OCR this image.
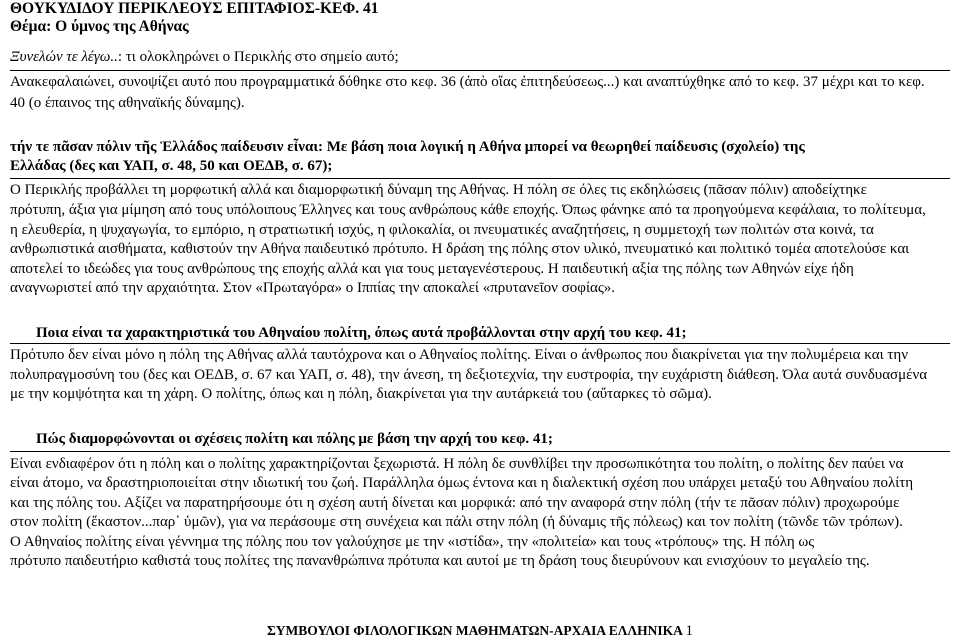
ΘΟΥΚΥΔΙΔΟΥ ΠΕΡΙΚΛΕΟΥΣ ΕΠΙΤΑΦΙΟΣ-ΚΕΦ. 41
Θέμα: Ο ύμνος της Αθήνας
Ξυνελών τε λέγω..: τι ολοκληρώνει ο Περικλής στο σημείο αυτό;
Ανακεφαλαιώνει, συνοψίζει αυτό που προγραμματικά δόθηκε στο κεφ. 36 (ἀπὸ οἵας ἐπιτηδεύσεως...) και αναπτύχθηκε από το κεφ. 37 μέχρι και το κεφ.
40 (ο έπαινος της αθηναϊκής δύναμης).
τήν τε πᾶσαν πόλιν τῆς Ἑλλάδος παίδευσιν εἶναι: Με βάση ποια λογική η Αθήνα μπορεί να θεωρηθεί παίδευσις (σχολείο) της
Ελλάδας (δες και ΥΑΠ, σ. 48, 50 και ΟΕΔΒ, σ. 67);
Ο Περικλής προβάλλει τη μορφωτική αλλά και διαμορφωτική δύναμη της Αθήνας. Η πόλη σε όλες τις εκδηλώσεις (πᾶσαν πόλιν) αποδείχτηκε
πρότυπη, άξια για μίμηση από τους υπόλοιπους Έλληνες και τους ανθρώπους κάθε εποχής. Όπως φάνηκε από τα προηγούμενα κεφάλαια, το πολίτευμα,
η ελευθερία, η ψυχαγωγία, το εμπόριο, η στρατιωτική ισχύς, η φιλοκαλία, οι πνευματικές αναζητήσεις, η συμμετοχή των πολιτών στα κοινά, τα
ανθρωπιστικά αισθήματα, καθιστούν την Αθήνα παιδευτικό πρότυπο. Η δράση της πόλης στον υλικό, πνευματικό και πολιτικό τομέα αποτελούσε και
αποτελεί το ιδεώδες για τους ανθρώπους της εποχής αλλά και για τους μεταγενέστερους. Η παιδευτική αξία της πόλης των Αθηνών είχε ήδη
αναγνωριστεί από την αρχαιότητα. Στον «Πρωταγόρα» ο Ιππίας την αποκαλεί «πρυτανεῖον σοφίας».
Ποια είναι τα χαρακτηριστικά του Αθηναίου πολίτη, όπως αυτά προβάλλονται στην αρχή του κεφ. 41;
Πρότυπο δεν είναι μόνο η πόλη της Αθήνας αλλά ταυτόχρονα και ο Αθηναίος πολίτης. Είναι ο άνθρωπος που διακρίνεται για την πολυμέρεια και την
πολυπραγμοσύνη του (δες και ΟΕΔΒ, σ. 67 και ΥΑΠ, σ. 48), την άνεση, τη δεξιοτεχνία, την ευστροφία, την ευχάριστη διάθεση. Όλα αυτά συνδυασμένα
με την κομψότητα και τη χάρη. Ο πολίτης, όπως και η πόλη, διακρίνεται για την αυτάρκειά του (αὔταρκες τὸ σῶμα).
Πώς διαμορφώνονται οι σχέσεις πολίτη και πόλης με βάση την αρχή του κεφ. 41;
Είναι ενδιαφέρον ότι η πόλη και ο πολίτης χαρακτηρίζονται ξεχωριστά. Η πόλη δε συνθλίβει την προσωπικότητα του πολίτη, ο πολίτης δεν παύει να
είναι άτομο, να δραστηριοποιείται στην ιδιωτική του ζωή. Παράλληλα όμως έντονα και η διαλεκτική σχέση που υπάρχει μεταξύ του Αθηναίου πολίτη
και της πόλης του. Αξίζει να παρατηρήσουμε ότι η σχέση αυτή δίνεται και μορφικά: από την αναφορά στην πόλη (τήν τε πᾶσαν πόλιν) προχωρούμε
στον πολίτη (ἕκαστον...παρ᾽ ὑμῶν), για να περάσουμε στη συνέχεια και πάλι στην πόλη (ἡ δύναμις τῆς πόλεως) και τον πολίτη (τῶνδε τῶν τρόπων).
Ο Αθηναίος πολίτης είναι γέννημα της πόλης που τον γαλούχησε με την «ιστίδα», την «πολιτεία» και τους «τρόπους» της. Η πόλη ως
πρότυπο παιδευτήριο καθιστά τους πολίτες της πανανθρώπινα πρότυπα και αυτοί με τη δράση τους διευρύνουν και ενισχύουν το μεγαλείο της.
ΣΥΜΒΟΥΛΟΙ ΦΙΛΟΛΟΓΙΚΩΝ ΜΑΘΗΜΑΤΩΝ-ΑΡΧΑΙΑ ΕΛΛΗΝΙΚΑ 1
